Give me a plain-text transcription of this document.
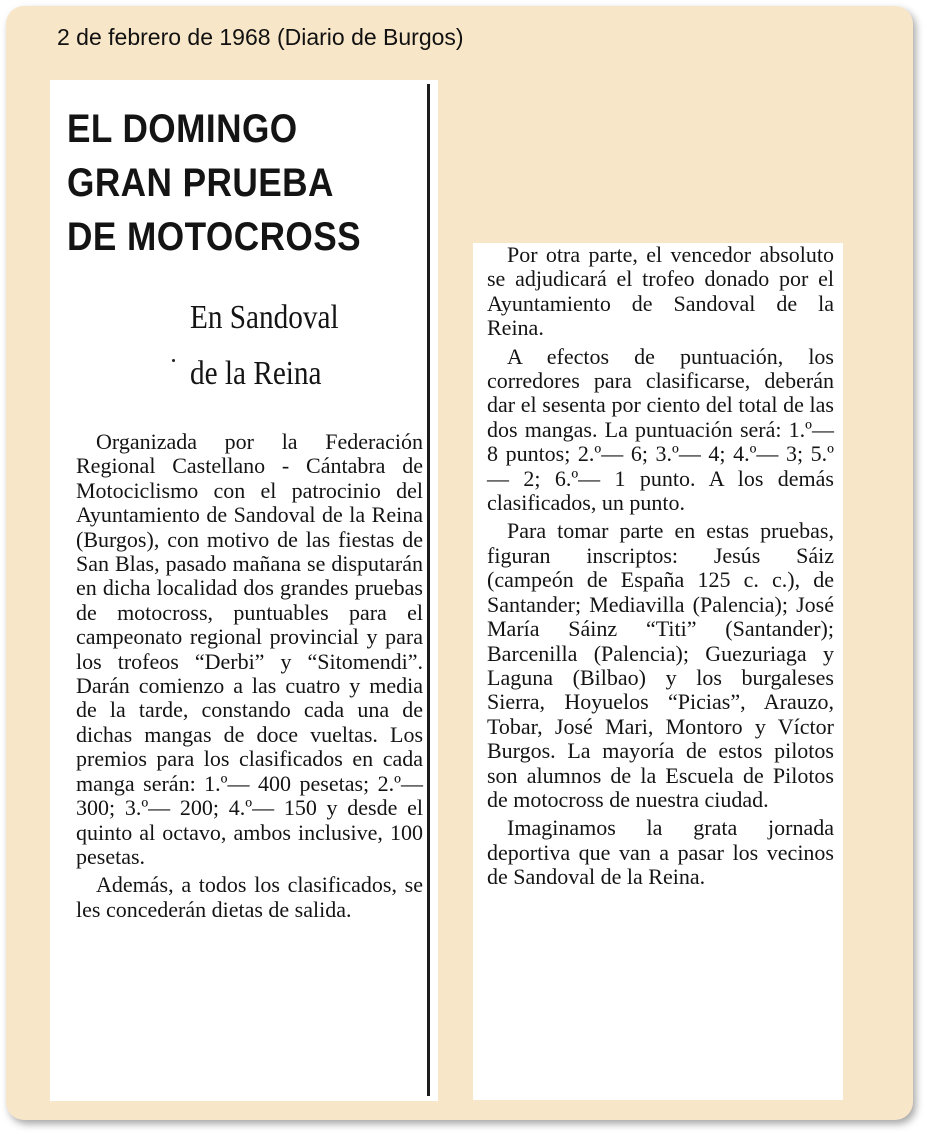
2 de febrero de 1968 (Diario de Burgos)
EL DOMINGO
GRAN PRUEBA
DE MOTOCROSS
En Sandoval
de la Reina

Organizada por la Federación Regional Castellano - Cántabra de Motociclismo con el patrocinio del Ayuntamiento de Sandoval de la Reina (Burgos), con motivo de las fiestas de San Blas, pasado mañana se disputarán en dicha localidad dos grandes pruebas de motocross, puntuables para el campeonato regional provincial y para los trofeos “Derbi” y “Sitomendi”. Darán comienzo a las cuatro y media de la tarde, constando cada una de dichas mangas de doce vueltas. Los premios para los clasificados en cada manga serán: 1.º— 400 pesetas; 2.º—300; 3.º— 200; 4.º— 150 y desde el quinto al octavo, ambos inclusive, 100 pesetas.

Además, a todos los clasificados, se les concederán dietas de salida.

Por otra parte, el vencedor absoluto se adjudicará el trofeo donado por el Ayuntamiento de Sandoval de la Reina.

A efectos de puntuación, los corredores para clasificarse, deberán dar el sesenta por ciento del total de las dos mangas. La puntuación será: 1.º— 8 puntos; 2.º— 6; 3.º— 4; 4.º— 3; 5.º— 2; 6.º— 1 punto. A los demás clasificados, un punto.

Para tomar parte en estas pruebas, figuran inscriptos: Jesús Sáiz (campeón de España 125 c. c.), de Santander; Mediavilla (Palencia); José María Sáinz “Titi” (Santander); Barcenilla (Palencia); Guezuriaga y Laguna (Bilbao) y los burgaleses Sierra, Hoyuelos “Picias”, Arauzo, Tobar, José Mari, Montoro y Víctor Burgos. La mayoría de estos pilotos son alumnos de la Escuela de Pilotos de motocross de nuestra ciudad.

Imaginamos la grata jornada deportiva que van a pasar los vecinos de Sandoval de la Reina.
